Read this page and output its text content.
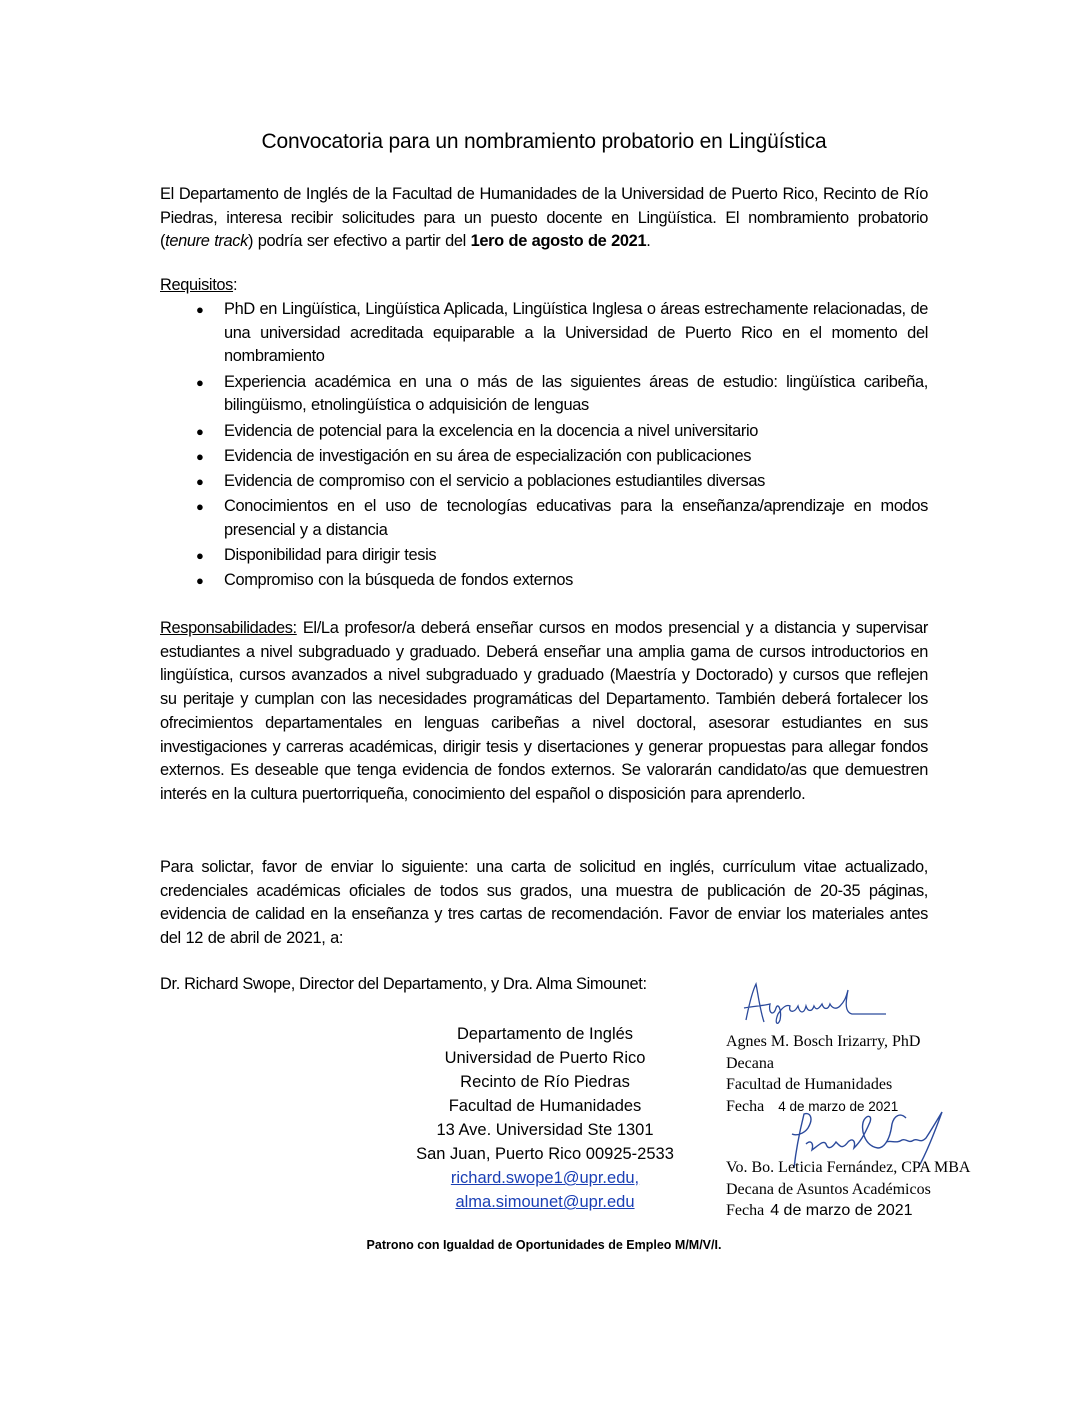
Convocatoria para un nombramiento probatorio en Lingüística

El Departamento de Inglés de la Facultad de Humanidades de la Universidad de Puerto Rico, Recinto de Río Piedras, interesa recibir solicitudes para un puesto docente en Lingüística. El nombramiento probatorio (tenure track) podría ser efectivo a partir del 1ero de agosto de 2021.

Requisitos:
● PhD en Lingüística, Lingüística Aplicada, Lingüística Inglesa o áreas estrechamente relacionadas, de una universidad acreditada equiparable a la Universidad de Puerto Rico en el momento del nombramiento
● Experiencia académica en una o más de las siguientes áreas de estudio: lingüística caribeña, bilingüismo, etnolingüística o adquisición de lenguas
● Evidencia de potencial para la excelencia en la docencia a nivel universitario
● Evidencia de investigación en su área de especialización con publicaciones
● Evidencia de compromiso con el servicio a poblaciones estudiantiles diversas
● Conocimientos en el uso de tecnologías educativas para la enseñanza/aprendizaje en modos presencial y a distancia
● Disponibilidad para dirigir tesis
● Compromiso con la búsqueda de fondos externos

Responsabilidades: El/La profesor/a deberá enseñar cursos en modos presencial y a distancia y supervisar estudiantes a nivel subgraduado y graduado. Deberá enseñar una amplia gama de cursos introductorios en lingüística, cursos avanzados a nivel subgraduado y graduado (Maestría y Doctorado) y cursos que reflejen su peritaje y cumplan con las necesidades programáticas del Departamento. También deberá fortalecer los ofrecimientos departamentales en lenguas caribeñas a nivel doctoral, asesorar estudiantes en sus investigaciones y carreras académicas, dirigir tesis y disertaciones y generar propuestas para allegar fondos externos. Es deseable que tenga evidencia de fondos externos. Se valorarán candidato/as que demuestren interés en la cultura puertorriqueña, conocimiento del español o disposición para aprenderlo.

Para solictar, favor de enviar lo siguiente: una carta de solicitud en inglés, currículum vitae actualizado, credenciales académicas oficiales de todos sus grados, una muestra de publicación de 20-35 páginas, evidencia de calidad en la enseñanza y tres cartas de recomendación. Favor de enviar los materiales antes del 12 de abril de 2021, a:

Dr. Richard Swope, Director del Departamento, y Dra. Alma Simounet:
Departamento de Inglés
Universidad de Puerto Rico
Recinto de Río Piedras
Facultad de Humanidades
13 Ave. Universidad Ste 1301
San Juan, Puerto Rico 00925-2533
richard.swope1@upr.edu,
alma.simounet@upr.edu
Agnes M. Bosch Irizarry, PhD
Decana
Facultad de Humanidades
Fecha 4 de marzo de 2021
Vo. Bo. Leticia Fernández, CPA MBA
Decana de Asuntos Académicos
Fecha 4 de marzo de 2021
Patrono con Igualdad de Oportunidades de Empleo M/M/V/I.
